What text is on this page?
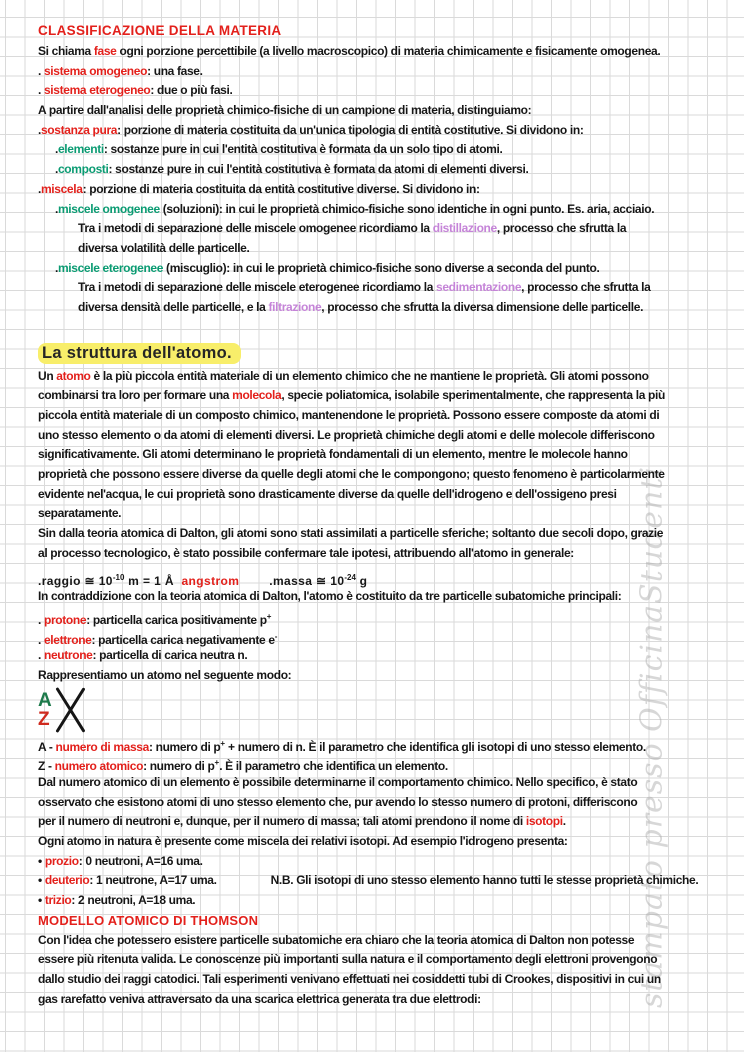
stampato presso OfficinaStudenti
CLASSIFICAZIONE DELLA MATERIA
Si chiama fase ogni porzione percettibile (a livello macroscopico) di materia chimicamente e fisicamente omogenea.
. sistema omogeneo: una fase.
. sistema eterogeneo: due o più fasi.
A partire dall'analisi delle proprietà chimico-fisiche di un campione di materia, distinguiamo:
.sostanza pura: porzione di materia costituita da un'unica tipologia di entità costitutive. Si dividono in:
.elementi: sostanze pure in cui l'entità costitutiva è formata da un solo tipo di atomi.
.composti: sostanze pure in cui l'entità costitutiva è formata da atomi di elementi diversi.
.miscela: porzione di materia costituita da entità costitutive diverse. Si dividono in:
.miscele omogenee (soluzioni): in cui le proprietà chimico-fisiche sono identiche in ogni punto. Es. aria, acciaio.
Tra i metodi di separazione delle miscele omogenee ricordiamo la distillazione, processo che sfrutta la
diversa volatilità delle particelle.
.miscele eterogenee (miscuglio): in cui le proprietà chimico-fisiche sono diverse a seconda del punto.
Tra i metodi di separazione delle miscele eterogenee ricordiamo la sedimentazione, processo che sfrutta la
diversa densità delle particelle, e la filtrazione, processo che sfrutta la diversa dimensione delle particelle.
La struttura dell'atomo.
Un atomo è la più piccola entità materiale di un elemento chimico che ne mantiene le proprietà. Gli atomi possono
combinarsi tra loro per formare una molecola, specie poliatomica, isolabile sperimentalmente, che rappresenta la più
piccola entità materiale di un composto chimico, mantenendone le proprietà. Possono essere composte da atomi di
uno stesso elemento o da atomi di elementi diversi. Le proprietà chimiche degli atomi e delle molecole differiscono
significativamente. Gli atomi determinano le proprietà fondamentali di un elemento, mentre le molecole hanno
proprietà che possono essere diverse da quelle degli atomi che le compongono; questo fenomeno è particolarmente
evidente nel'acqua, le cui proprietà sono drasticamente diverse da quelle dell'idrogeno e dell'ossigeno presi
separatamente.
Sin dalla teoria atomica di Dalton, gli atomi sono stati assimilati a particelle sferiche; soltanto due secoli dopo, grazie
al processo tecnologico, è stato possibile confermare tale ipotesi, attribuendo all'atomo in generale:
.raggio ≅ $10^{-10}$ m = 1 Å  angstrom .massa ≅ $10^{-24}$ g
In contraddizione con la teoria atomica di Dalton, l'atomo è costituito da tre particelle subatomiche principali:
. protone: particella carica positivamente p+
. elettrone: particella carica negativamente e-
. neutrone: particella di carica neutra n.
Rappresentiamo un atomo nel seguente modo:
A
Z
A - numero di massa: numero di p+ + numero di n. È il parametro che identifica gli isotopi di uno stesso elemento.
Z - numero atomico: numero di p+. È il parametro che identifica un elemento.
Dal numero atomico di un elemento è possibile determinarne il comportamento chimico. Nello specifico, è stato
osservato che esistono atomi di uno stesso elemento che, pur avendo lo stesso numero di protoni, differiscono
per il numero di neutroni e, dunque, per il numero di massa; tali atomi prendono il nome di isotopi.
Ogni atomo in natura è presente come miscela dei relativi isotopi. Ad esempio l'idrogeno presenta:
• prozio: 0 neutroni, A=16 uma.
• deuterio: 1 neutrone, A=17 uma.	N.B. Gli isotopi di uno stesso elemento hanno tutti le stesse proprietà chimiche.
• trizio: 2 neutroni, A=18 uma.
MODELLO ATOMICO DI THOMSON
Con l'idea che potessero esistere particelle subatomiche era chiaro che la teoria atomica di Dalton non potesse
essere più ritenuta valida. Le conoscenze più importanti sulla natura e il comportamento degli elettroni provengono
dallo studio dei raggi catodici. Tali esperimenti venivano effettuati nei cosiddetti tubi di Crookes, dispositivi in cui un
gas rarefatto veniva attraversato da una scarica elettrica generata tra due elettrodi:
